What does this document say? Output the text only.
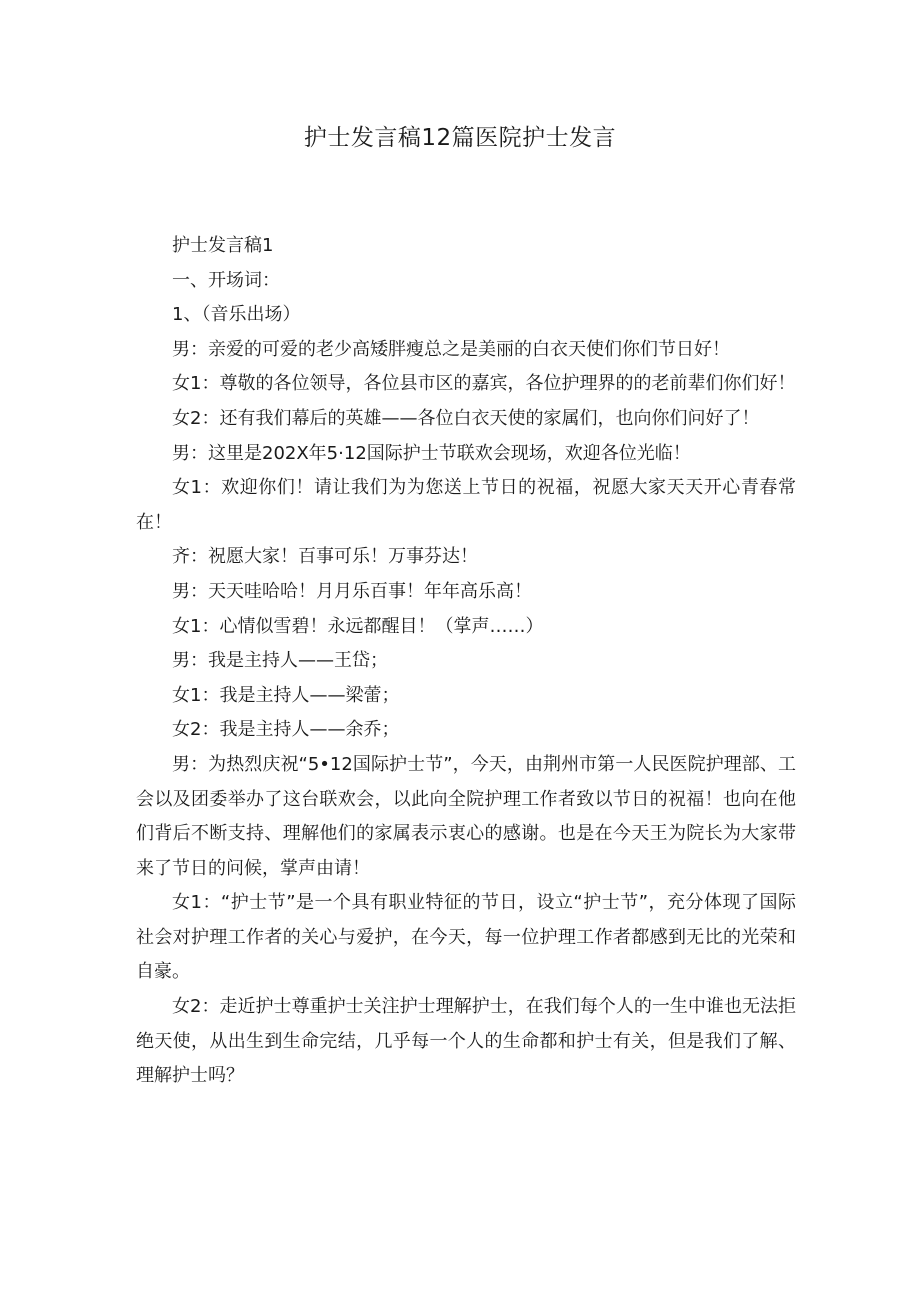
护士发言稿12篇医院护士发言

护士发言稿1

一、开场词：

1、（音乐出场）

男：亲爱的可爱的老少高矮胖瘦总之是美丽的白衣天使们你们节日好！

女1：尊敬的各位领导，各位县市区的嘉宾，各位护理界的的老前辈们你们好！

女2：还有我们幕后的英雄——各位白衣天使的家属们，也向你们问好了！

男：这里是202X年5·12国际护士节联欢会现场，欢迎各位光临！

女1：欢迎你们！请让我们为为您送上节日的祝福，祝愿大家天天开心青春常在！

齐：祝愿大家！百事可乐！万事芬达！

男：天天哇哈哈！月月乐百事！年年高乐高！

女1：心情似雪碧！永远都醒目！（掌声……）

男：我是主持人——王岱；

女1：我是主持人——梁蕾；

女2：我是主持人——余乔；

男：为热烈庆祝“5•12国际护士节”，今天，由荆州市第一人民医院护理部、工会以及团委举办了这台联欢会，以此向全院护理工作者致以节日的祝福！也向在他们背后不断支持、理解他们的家属表示衷心的感谢。也是在今天王为院长为大家带来了节日的问候，掌声由请！

女1：“护士节”是一个具有职业特征的节日，设立“护士节”，充分体现了国际社会对护理工作者的关心与爱护，在今天，每一位护理工作者都感到无比的光荣和自豪。

女2：走近护士尊重护士关注护士理解护士，在我们每个人的一生中谁也无法拒绝天使，从出生到生命完结，几乎每一个人的生命都和护士有关，但是我们了解、理解护士吗？
